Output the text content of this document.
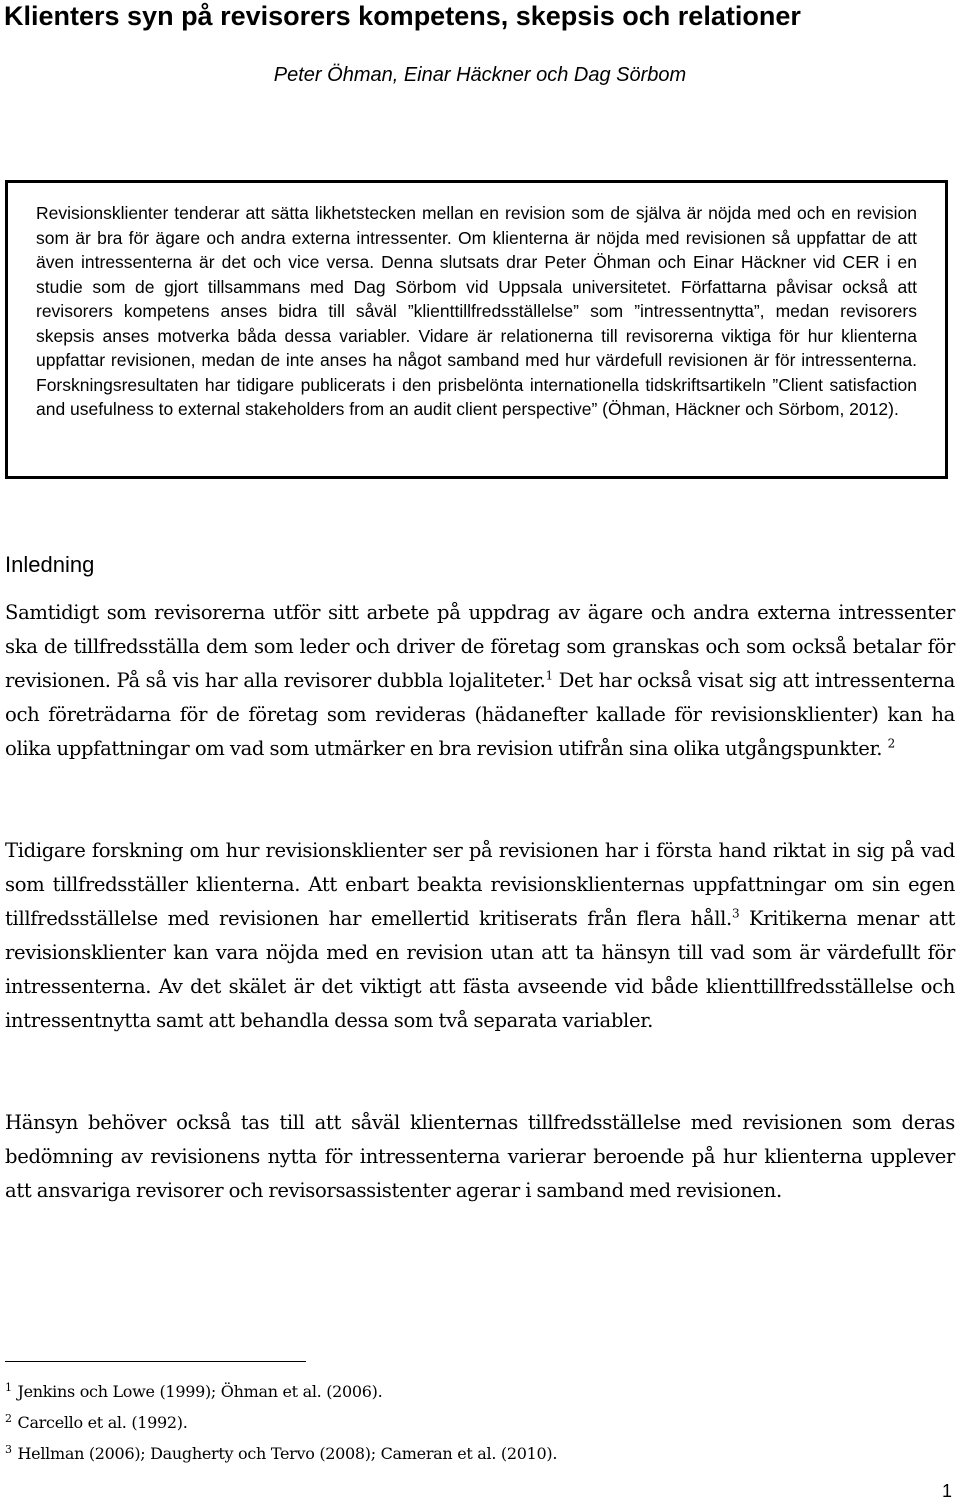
Klienters syn på revisorers kompetens, skepsis och relationer
Peter Öhman, Einar Häckner och Dag Sörbom

Revisionsklienter tenderar att sätta likhetstecken mellan en revision som de själva är nöjda med och en revision som är bra för ägare och andra externa intressenter. Om klienterna är nöjda med revisionen så uppfattar de att även intressenterna är det och vice versa. Denna slutsats drar Peter Öhman och Einar Häckner vid CER i en studie som de gjort tillsammans med Dag Sörbom vid Uppsala universitetet. Författarna påvisar också att revisorers kompetens anses bidra till såväl ”klienttillfredsställelse” som ”intressentnytta”, medan revisorers skepsis anses motverka båda dessa variabler. Vidare är relationerna till revisorerna viktiga för hur klienterna uppfattar revisionen, medan de inte anses ha något samband med hur värdefull revisionen är för intressenterna. Forskningsresultaten har tidigare publicerats i den prisbelönta internationella tidskriftsartikeln ”Client satisfaction and usefulness to external stakeholders from an audit client perspective” (Öhman, Häckner och Sörbom, 2012).

Inledning

Samtidigt som revisorerna utför sitt arbete på uppdrag av ägare och andra externa intressenter ska de tillfredsställa dem som leder och driver de företag som granskas och som också betalar för revisionen. På så vis har alla revisorer dubbla lojaliteter.$^1$ Det har också visat sig att intressenterna och företrädarna för de företag som revideras (hädanefter kallade för revisionsklienter) kan ha olika uppfattningar om vad som utmärker en bra revision utifrån sina olika utgångspunkter. $^2$

Tidigare forskning om hur revisionsklienter ser på revisionen har i första hand riktat in sig på vad som tillfredsställer klienterna. Att enbart beakta revisionsklienternas uppfattningar om sin egen tillfredsställelse med revisionen har emellertid kritiserats från flera håll.$^3$ Kritikerna menar att revisionsklienter kan vara nöjda med en revision utan att ta hänsyn till vad som är värdefullt för intressenterna. Av det skälet är det viktigt att fästa avseende vid både klienttillfredsställelse och intressentnytta samt att behandla dessa som två separata variabler.

Hänsyn behöver också tas till att såväl klienternas tillfredsställelse med revisionen som deras bedömning av revisionens nytta för intressenterna varierar beroende på hur klienterna upplever att ansvariga revisorer och revisorsassistenter agerar i samband med revisionen.

$^1$ Jenkins och Lowe (1999); Öhman et al. (2006).
$^2$ Carcello et al. (1992).
$^3$ Hellman (2006); Daugherty och Tervo (2008); Cameran et al. (2010).
1
